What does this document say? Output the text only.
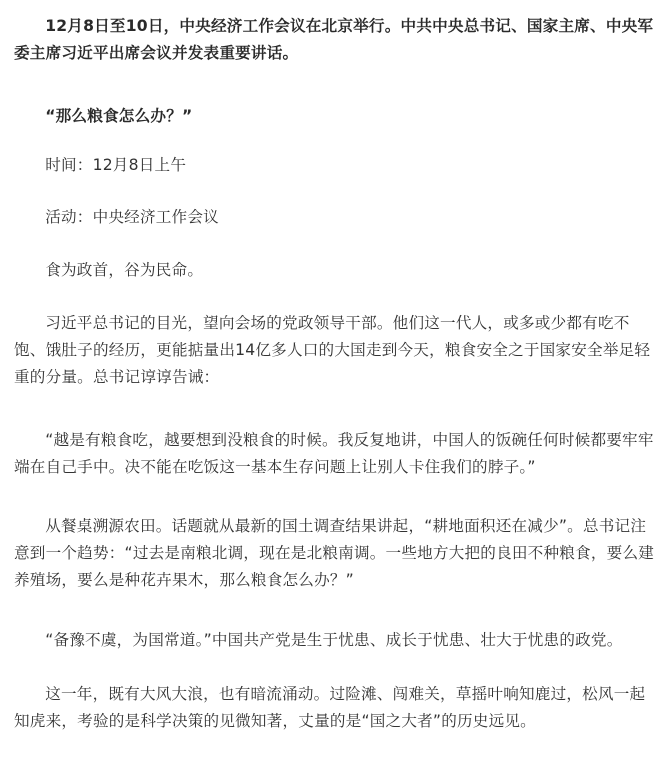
12月8日至10日，中央经济工作会议在北京举行。中共中央总书记、国家主席、中央军委主席习近平出席会议并发表重要讲话。

“那么粮食怎么办？”

时间：12月8日上午

活动：中央经济工作会议

食为政首，谷为民命。

习近平总书记的目光，望向会场的党政领导干部。他们这一代人，或多或少都有吃不饱、饿肚子的经历，更能掂量出14亿多人口的大国走到今天，粮食安全之于国家安全举足轻重的分量。总书记谆谆告诫：

“越是有粮食吃，越要想到没粮食的时候。我反复地讲，中国人的饭碗任何时候都要牢牢端在自己手中。决不能在吃饭这一基本生存问题上让别人卡住我们的脖子。”

从餐桌溯源农田。话题就从最新的国土调查结果讲起，“耕地面积还在减少”。总书记注意到一个趋势：“过去是南粮北调，现在是北粮南调。一些地方大把的良田不种粮食，要么建养殖场，要么是种花卉果木，那么粮食怎么办？”

“备豫不虞，为国常道。”中国共产党是生于忧患、成长于忧患、壮大于忧患的政党。

这一年，既有大风大浪，也有暗流涌动。过险滩、闯难关，草摇叶响知鹿过，松风一起知虎来，考验的是科学决策的见微知著，丈量的是“国之大者”的历史远见。
